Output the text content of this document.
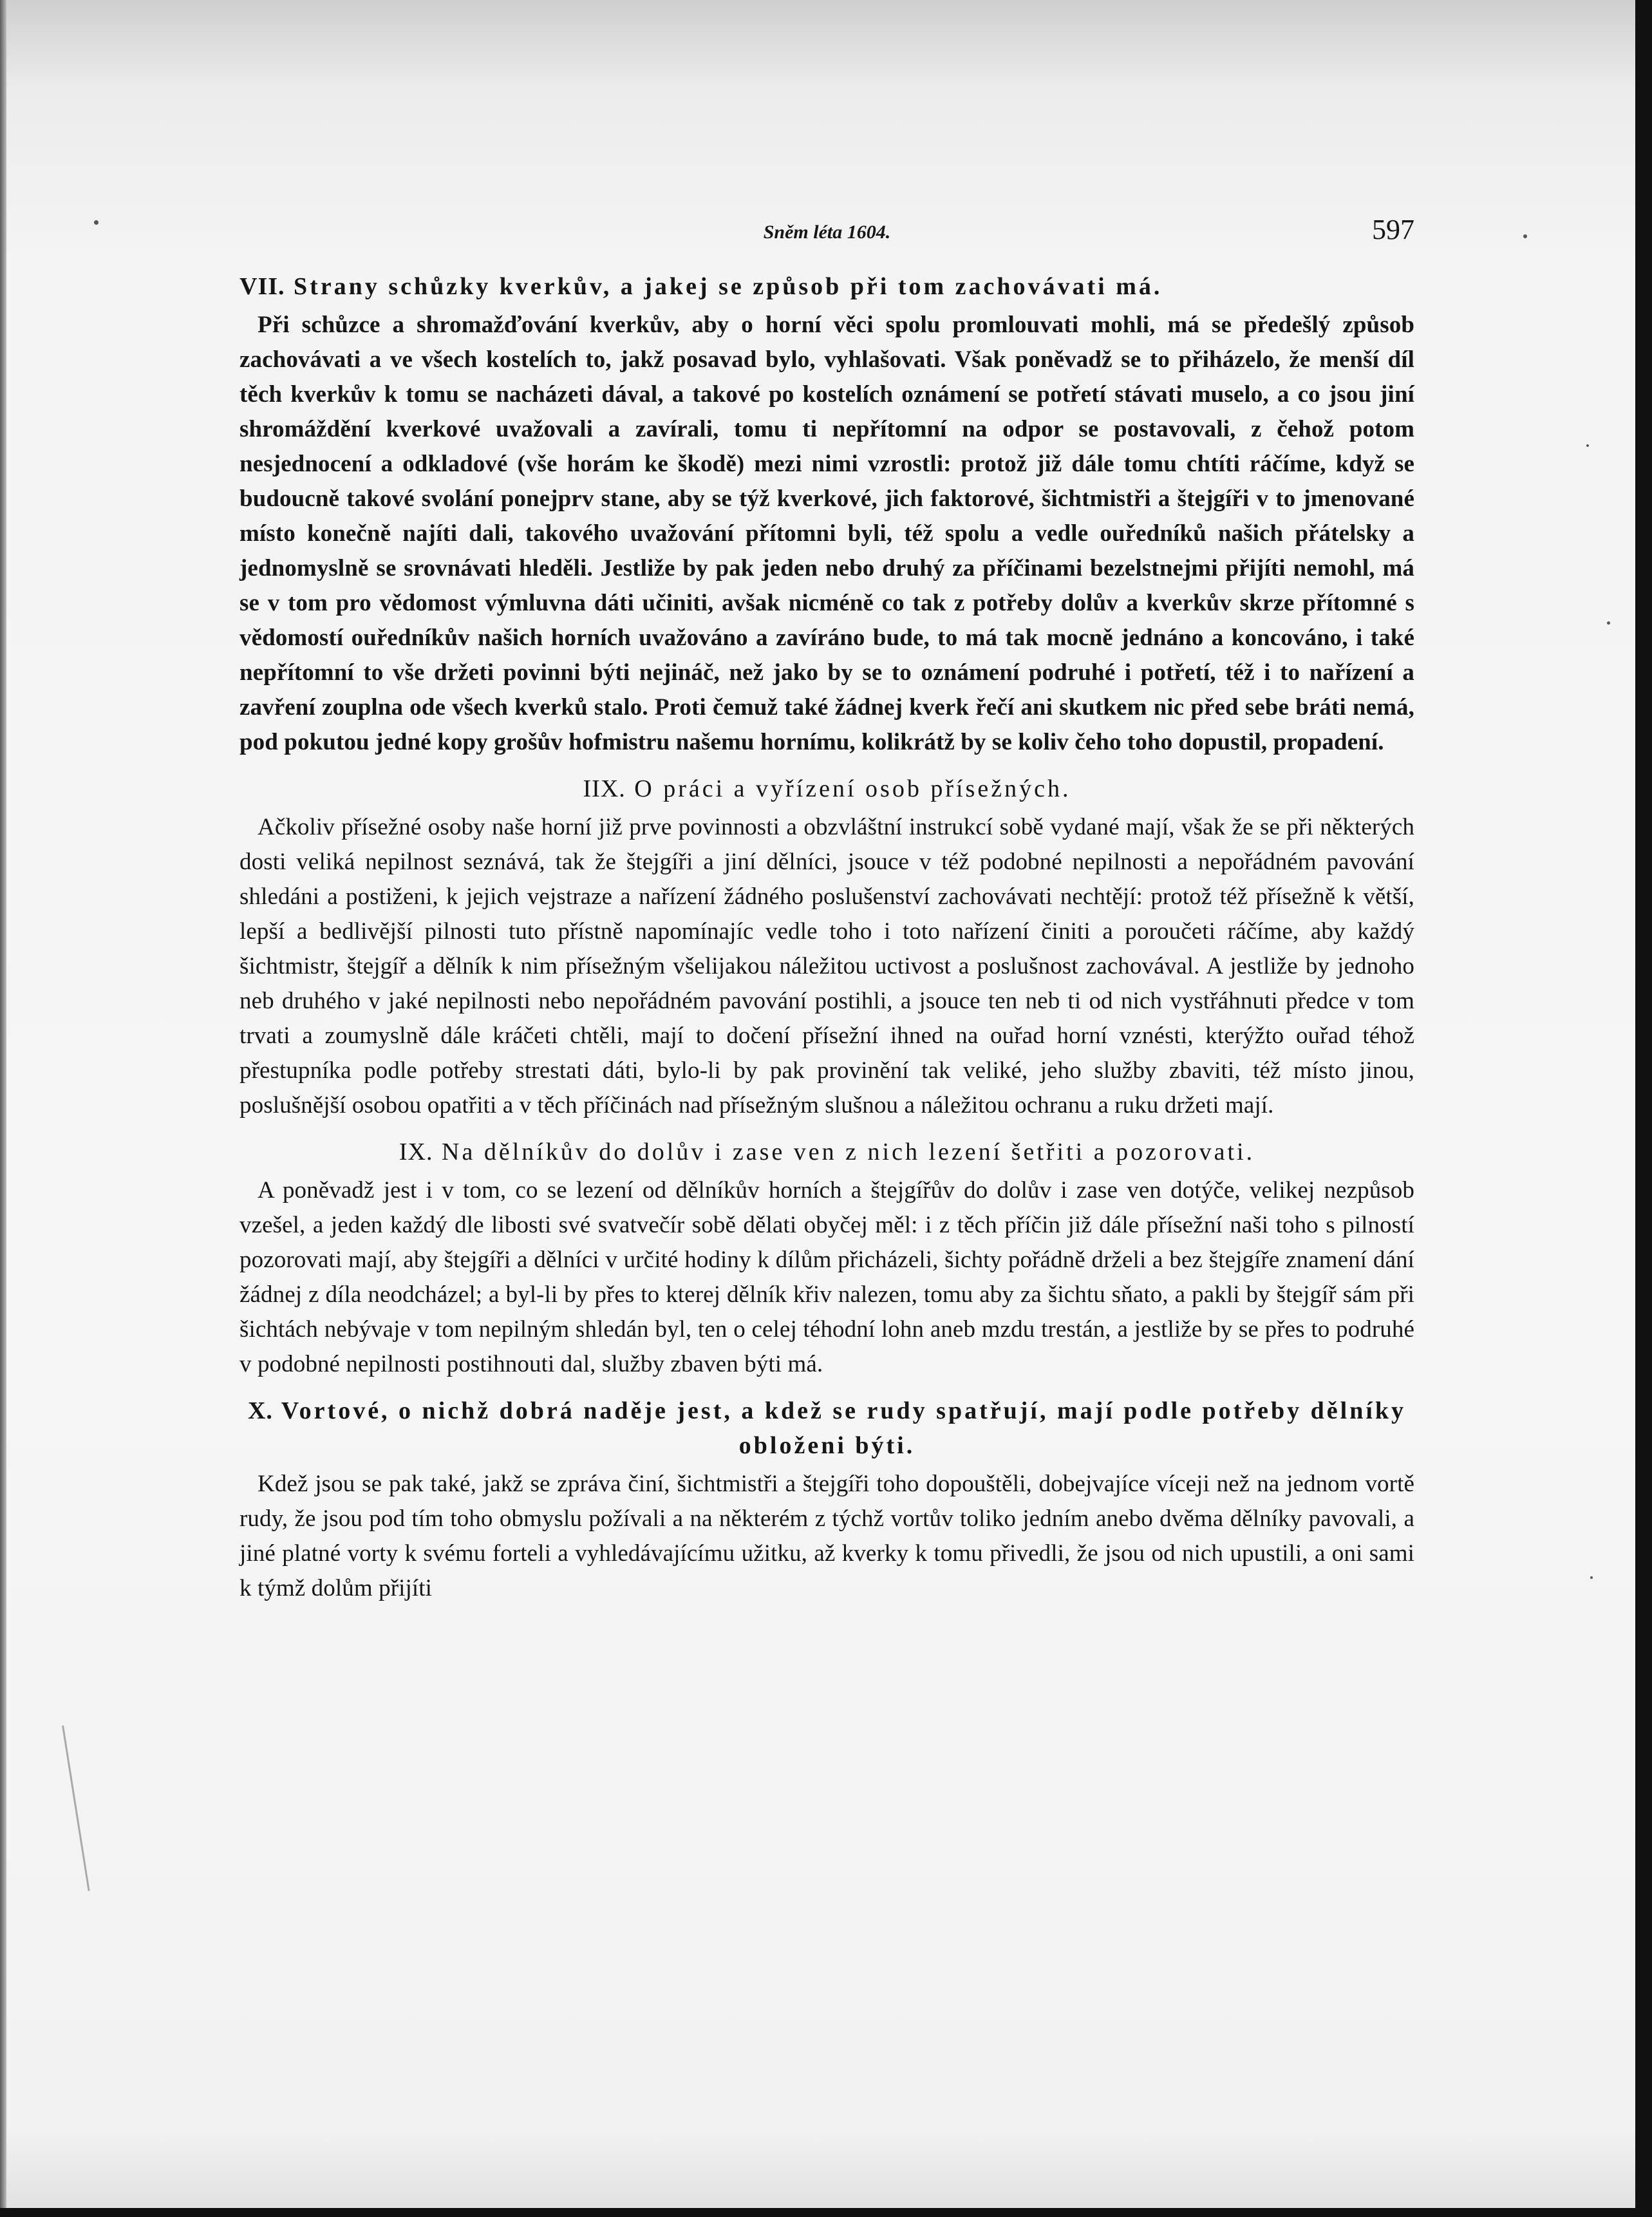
Sněm léta 1604.	597

VII. Strany schůzky kverkův, a jakej se způsob při tom zachovávati má.

Při schůzce a shromažďování kverkův, aby o horní věci spolu promlouvati mohli, má se předešlý způsob zachovávati a ve všech kostelích to, jakž posavad bylo, vyhlašovati. Však poněvadž se to přiházelo, že menší díl těch kverkův k tomu se nacházeti dával, a takové po kostelích oznámení se potřetí stávati muselo, a co jsou jiní shromáždění kverkové uvažovali a zavírali, tomu ti nepřítomní na odpor se postavovali, z čehož potom nesjednocení a odkladové (vše horám ke škodě) mezi nimi vzrostli: protož již dále tomu chtíti ráčíme, když se budoucně takové svolání ponejprv stane, aby se týž kverkové, jich faktorové, šichtmistři a štejgíři v to jmenované místo konečně najíti dali, takového uvažování přítomni byli, též spolu a vedle ouředníků našich přátelsky a jednomyslně se srovnávati hleděli. Jestliže by pak jeden nebo druhý za příčinami bezelstnejmi přijíti nemohl, má se v tom pro vědomost výmluvna dáti učiniti, avšak nicméně co tak z potřeby dolův a kverkův skrze přítomné s vědomostí ouředníkův našich horních uvažováno a zavíráno bude, to má tak mocně jednáno a koncováno, i také nepřítomní to vše držeti povinni býti nejináč, než jako by se to oznámení podruhé i potřetí, též i to nařízení a zavření zouplna ode všech kverků stalo. Proti čemuž také žádnej kverk řečí ani skutkem nic před sebe bráti nemá, pod pokutou jedné kopy grošův hofmistru našemu hornímu, kolikrátž by se koliv čeho toho dopustil, propadení.

IIX. O práci a vyřízení osob přísežných.

Ačkoliv přísežné osoby naše horní již prve povinnosti a obzvláštní instrukcí sobě vydané mají, však že se při některých dosti veliká nepilnost seznává, tak že štejgíři a jiní dělníci, jsouce v též podobné nepilnosti a nepořádném pavování shledáni a postiženi, k jejich vejstraze a nařízení žádného poslušenství zachovávati nechtějí: protož též přísežně k větší, lepší a bedlivější pilnosti tuto přístně napomínajíc vedle toho i toto nařízení činiti a poroučeti ráčíme, aby každý šichtmistr, štejgíř a dělník k nim přísežným všelijakou náležitou uctivost a poslušnost zachovával. A jestliže by jednoho neb druhého v jaké nepilnosti nebo nepořádném pavování postihli, a jsouce ten neb ti od nich vystřáhnuti předce v tom trvati a zoumyslně dále kráčeti chtěli, mají to dočení přísežní ihned na ouřad horní vznésti, kterýžto ouřad téhož přestupníka podle potřeby strestati dáti, bylo-li by pak provinění tak veliké, jeho služby zbaviti, též místo jinou, poslušnější osobou opatřiti a v těch příčinách nad přísežným slušnou a náležitou ochranu a ruku držeti mají.

IX. Na dělníkův do dolův i zase ven z nich lezení šetřiti a pozorovati.

A poněvadž jest i v tom, co se lezení od dělníkův horních a štejgířův do dolův i zase ven dotýče, velikej nezpůsob vzešel, a jeden každý dle libosti své svatvečír sobě dělati obyčej měl: i z těch příčin již dále přísežní naši toho s pilností pozorovati mají, aby štejgíři a dělníci v určité hodiny k dílům přicházeli, šichty pořádně drželi a bez štejgíře znamení dání žádnej z díla neodcházel; a byl-li by přes to kterej dělník křiv nalezen, tomu aby za šichtu sňato, a pakli by štejgíř sám při šichtách nebývaje v tom nepilným shledán byl, ten o celej téhodní lohn aneb mzdu trestán, a jestliže by se přes to podruhé v podobné nepilnosti postihnouti dal, služby zbaven býti má.

X. Vortové, o nichž dobrá naděje jest, a kdež se rudy spatřují, mají podle potřeby dělníky obloženi býti.

Kdež jsou se pak také, jakž se zpráva činí, šichtmistři a štejgíři toho dopouštěli, dobejvajíce víceji než na jednom vortě rudy, že jsou pod tím toho obmyslu požívali a na některém z týchž vortův toliko jedním anebo dvěma dělníky pavovali, a jiné platné vorty k svému forteli a vyhledávajícímu užitku, až kverky k tomu přivedli, že jsou od nich upustili, a oni sami k týmž dolům přijíti
